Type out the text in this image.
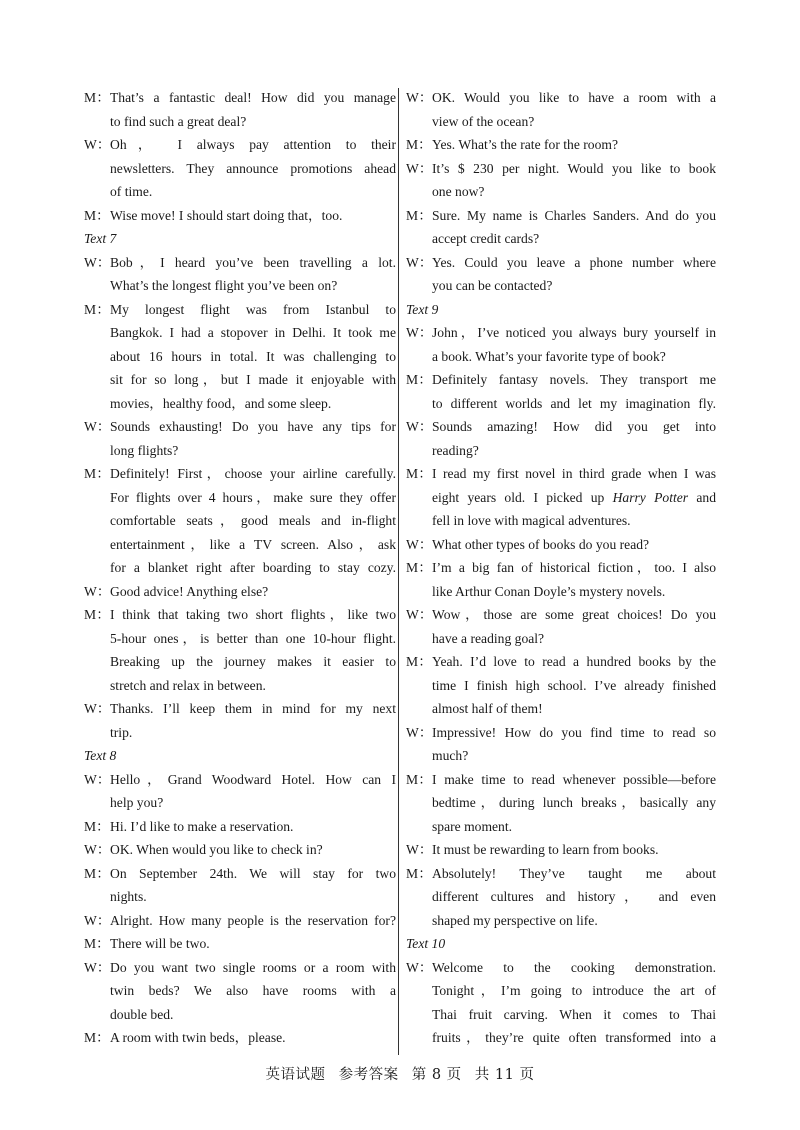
M：That’s a fantastic deal! How did you manage
to find such a great deal?
W：Oh， I always pay attention to their
newsletters. They announce promotions ahead
of time.
M：Wise move! I should start doing that，too.
Text 7
W：Bob，I heard you’ve been travelling a lot.
What’s the longest flight you’ve been on?
M：My longest flight was from Istanbul to
Bangkok. I had a stopover in Delhi. It took me
about 16 hours in total. It was challenging to
sit for so long，but I made it enjoyable with
movies，healthy food，and some sleep.
W：Sounds exhausting! Do you have any tips for
long flights?
M：Definitely! First，choose your airline carefully.
For flights over 4 hours，make sure they offer
comfortable seats，good meals and in-flight
entertainment，like a TV screen. Also，ask
for a blanket right after boarding to stay cozy.
W：Good advice! Anything else?
M：I think that taking two short flights，like two
5-hour ones，is better than one 10-hour flight.
Breaking up the journey makes it easier to
stretch and relax in between.
W：Thanks. I’ll keep them in mind for my next
trip.
Text 8
W：Hello，Grand Woodward Hotel. How can I
help you?
M：Hi. I’d like to make a reservation.
W：OK. When would you like to check in?
M：On September 24th. We will stay for two
nights.
W：Alright. How many people is the reservation for?
M：There will be two.
W：Do you want two single rooms or a room with
twin beds? We also have rooms with a
double bed.
M：A room with twin beds，please.
W：OK. Would you like to have a room with a
view of the ocean?
M：Yes. What’s the rate for the room?
W：It’s $ 230 per night. Would you like to book
one now?
M：Sure. My name is Charles Sanders. And do you
accept credit cards?
W：Yes. Could you leave a phone number where
you can be contacted?
Text 9
W：John，I’ve noticed you always bury yourself in
a book. What’s your favorite type of book?
M：Definitely fantasy novels. They transport me
to different worlds and let my imagination fly.
W：Sounds amazing! How did you get into
reading?
M：I read my first novel in third grade when I was
eight years old. I picked up Harry Potter and
fell in love with magical adventures.
W：What other types of books do you read?
M：I’m a big fan of historical fiction，too. I also
like Arthur Conan Doyle’s mystery novels.
W：Wow，those are some great choices! Do you
have a reading goal?
M：Yeah. I’d love to read a hundred books by the
time I finish high school. I’ve already finished
almost half of them!
W：Impressive! How do you find time to read so
much?
M：I make time to read whenever possible—before
bedtime，during lunch breaks，basically any
spare moment.
W：It must be rewarding to learn from books.
M：Absolutely! They’ve taught me about
different cultures and history， and even
shaped my perspective on life.
Text 10
W：Welcome to the cooking demonstration.
Tonight，I’m going to introduce the art of
Thai fruit carving. When it comes to Thai
fruits，they’re quite often transformed into a
英语试题 参考答案 第 8 页 共 11 页
